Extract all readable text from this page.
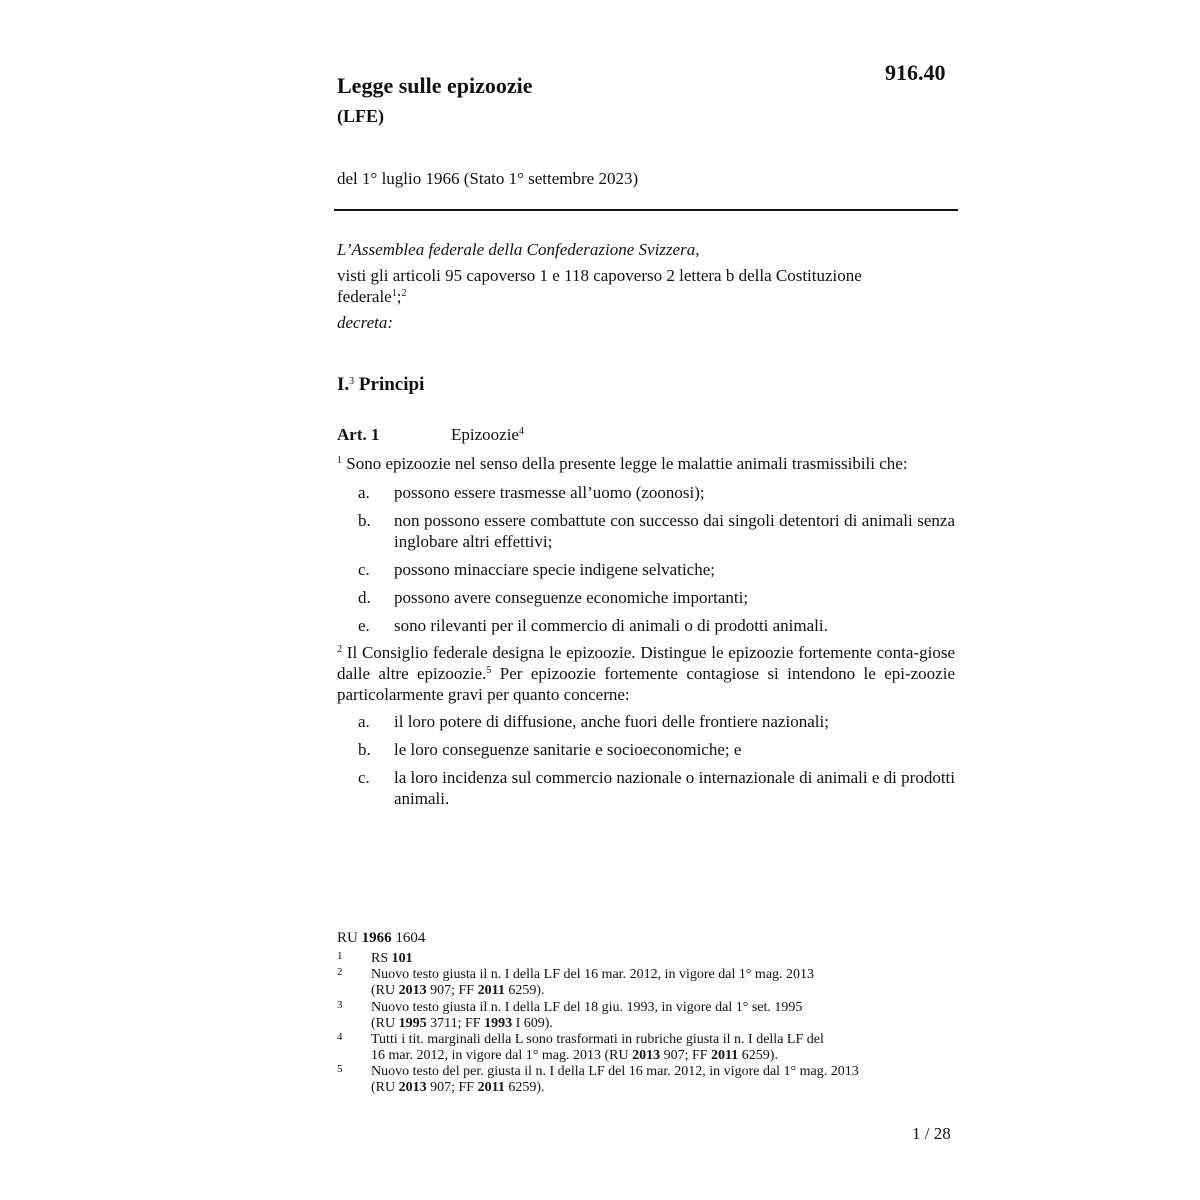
916.40
Legge sulle epizoozie
(LFE)
del 1° luglio 1966 (Stato 1° settembre 2023)
L’Assemblea federale della Confederazione Svizzera,
visti gli articoli 95 capoverso 1 e 118 capoverso 2 lettera b della Costituzione
federale$^1$;$^2$
decreta:
I.$^3$ Principi
Art. 1	Epizoozie$^4$
$^1$ Sono epizoozie nel senso della presente legge le malattie animali trasmissibili che:
a. possono essere trasmesse all’uomo (zoonosi);
b. non possono essere combattute con successo dai singoli detentori di animali senza inglobare altri effettivi;
c. possono minacciare specie indigene selvatiche;
d. possono avere conseguenze economiche importanti;
e. sono rilevanti per il commercio di animali o di prodotti animali.
$^2$ Il Consiglio federale designa le epizoozie. Distingue le epizoozie fortemente conta-giose dalle altre epizoozie.$^5$ Per epizoozie fortemente contagiose si intendono le epi-zoozie particolarmente gravi per quanto concerne:
a. il loro potere di diffusione, anche fuori delle frontiere nazionali;
b. le loro conseguenze sanitarie e socioeconomiche; e
c. la loro incidenza sul commercio nazionale o internazionale di animali e di prodotti animali.
RU 1966 1604
1 RS 101
2 Nuovo testo giusta il n. I della LF del 16 mar. 2012, in vigore dal 1° mag. 2013
(RU 2013 907; FF 2011 6259).
3 Nuovo testo giusta il n. I della LF del 18 giu. 1993, in vigore dal 1° set. 1995
(RU 1995 3711; FF 1993 I 609).
4 Tutti i tit. marginali della L sono trasformati in rubriche giusta il n. I della LF del
16 mar. 2012, in vigore dal 1° mag. 2013 (RU 2013 907; FF 2011 6259).
5 Nuovo testo del per. giusta il n. I della LF del 16 mar. 2012, in vigore dal 1° mag. 2013
(RU 2013 907; FF 2011 6259).
1 / 28
